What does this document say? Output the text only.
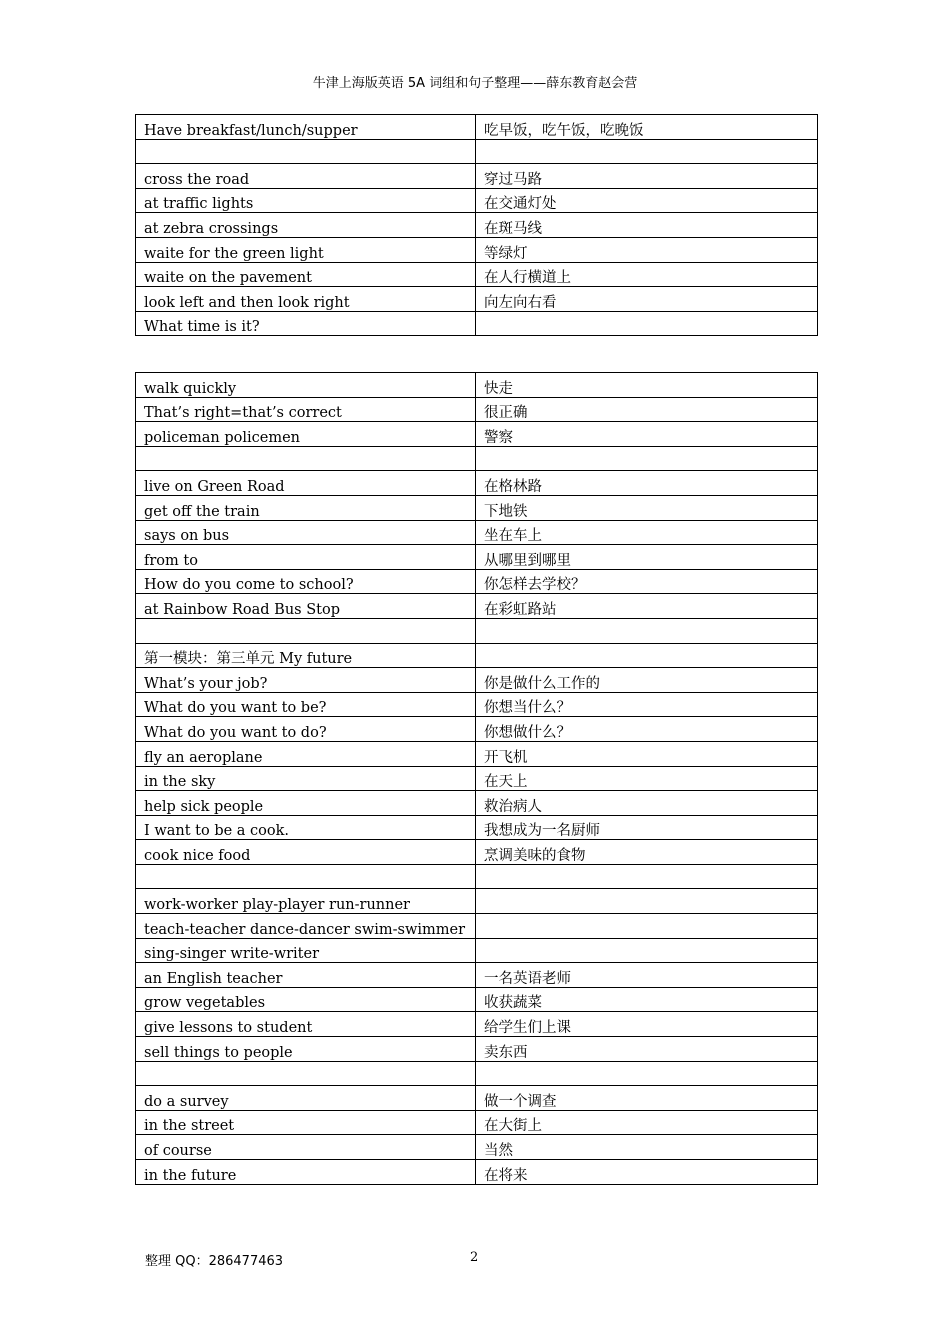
牛津上海版英语 5A 词组和句子整理——薛东教育赵会营
Have breakfast/lunch/supper	吃早饭，吃午饭，吃晚饭

cross the road	穿过马路
at traffic lights	在交通灯处
at zebra crossings	在斑马线
waite for the green light	等绿灯
waite on the pavement	在人行横道上
look left and then look right	向左向右看
What time is it?	
walk quickly	快走
That’s right=that’s correct	很正确
policeman policemen	警察

live on Green Road	在格林路
get off the train	下地铁
says on bus	坐在车上
from to	从哪里到哪里
How do you come to school?	你怎样去学校？
at Rainbow Road Bus Stop	在彩虹路站

第一模块：第三单元 My future	
What’s your job?	你是做什么工作的
What do you want to be?	你想当什么？
What do you want to do?	你想做什么？
fly an aeroplane	开飞机
in the sky	在天上
help sick people	救治病人
I want to be a cook.	我想成为一名厨师
cook nice food	烹调美味的食物

work-worker play-player run-runner	
teach-teacher dance-dancer swim-swimmer	
sing-singer write-writer	
an English teacher	一名英语老师
grow vegetables	收获蔬菜
give lessons to student	给学生们上课
sell things to people	卖东西

do a survey	做一个调查
in the street	在大街上
of course	当然
in the future	在将来
整理 QQ：286477463	2
